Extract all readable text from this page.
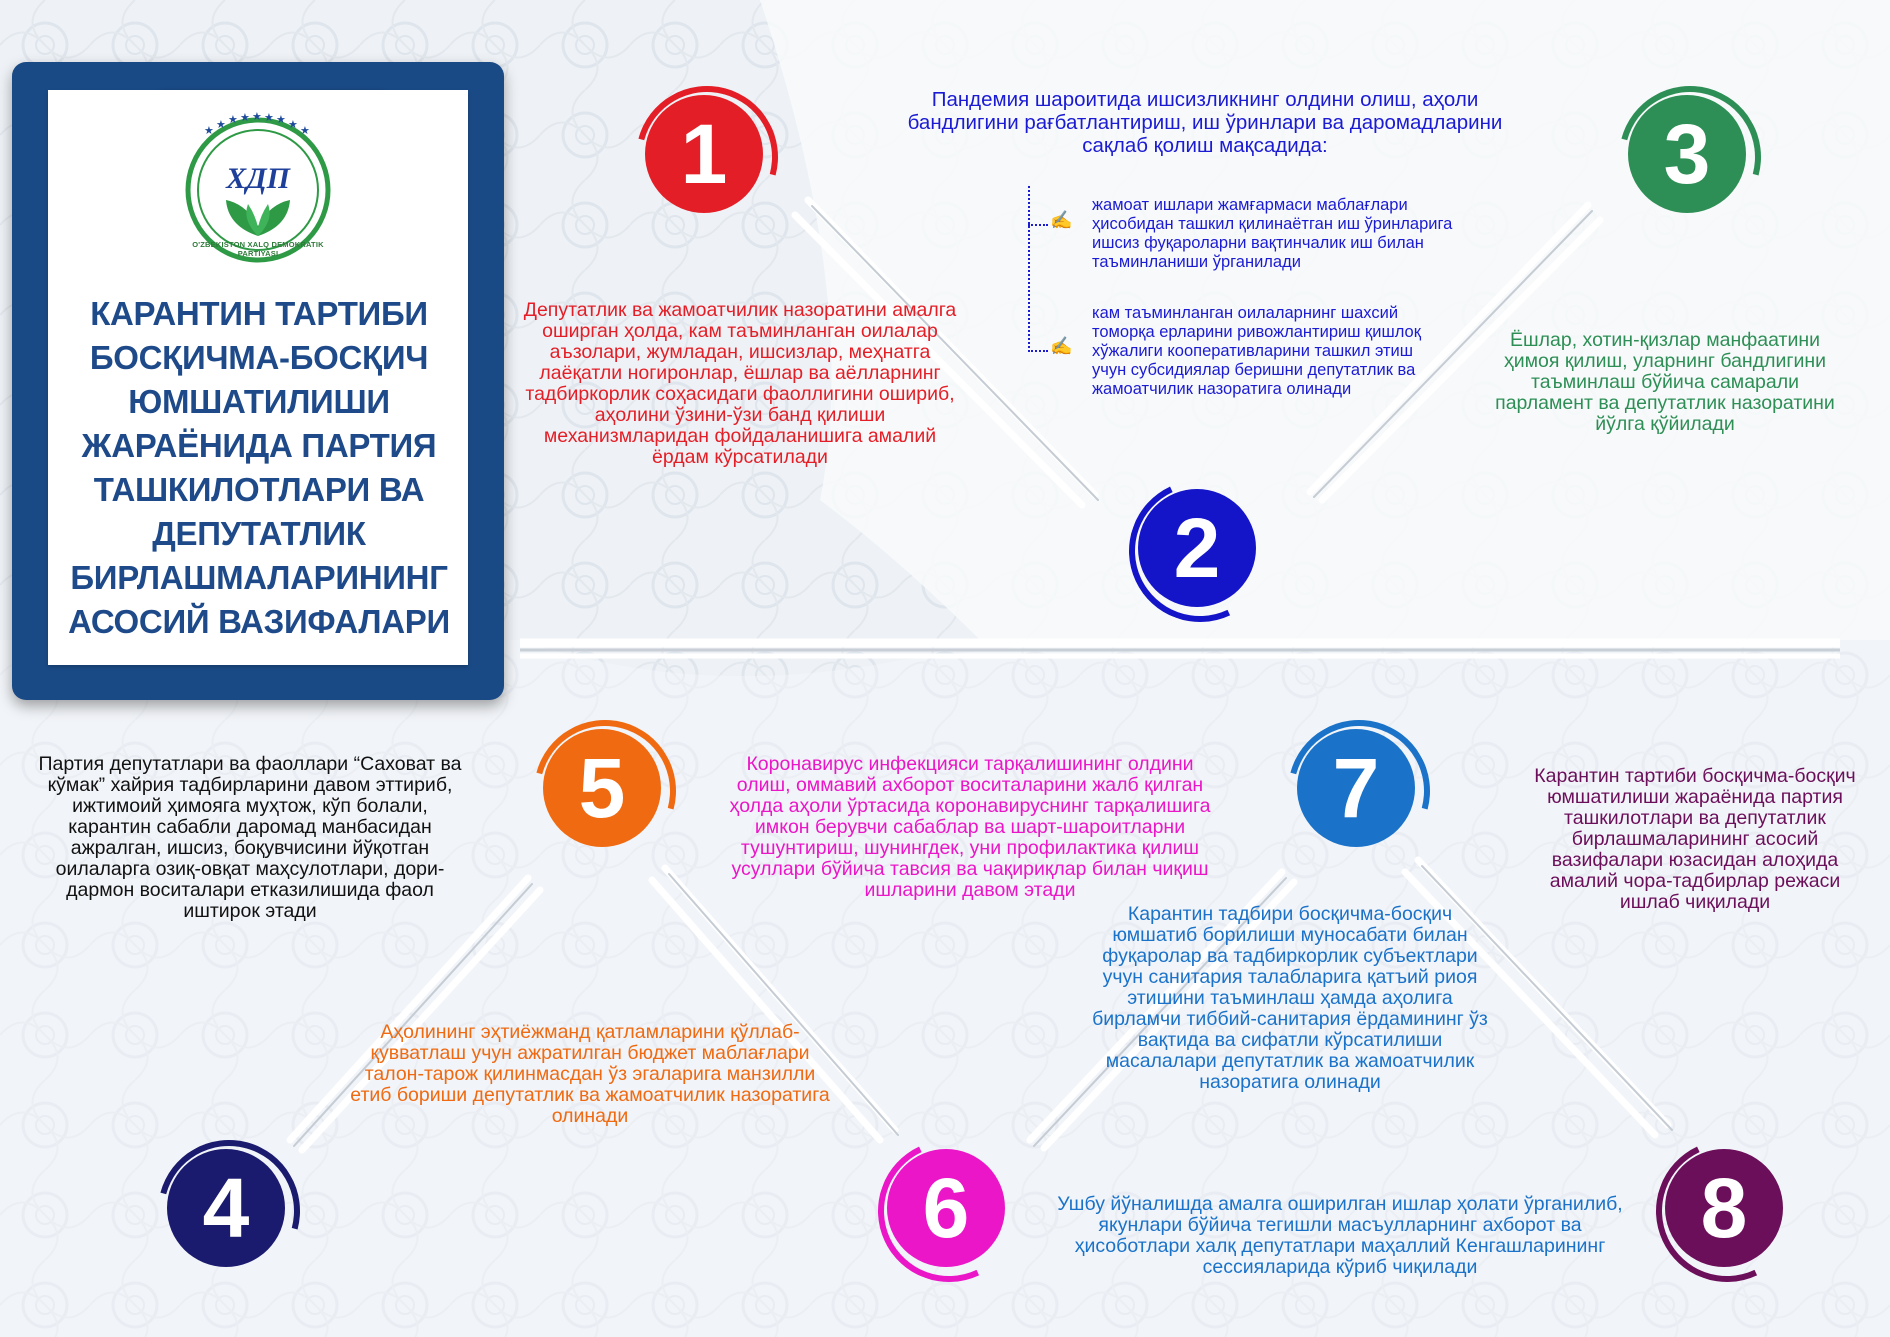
★ ★ ★ ★ ★ ★ ★ ★ ★
ХДП
O'ZBEKISTON XALQ DEMOKRATIK PARTIYASI
КАРАНТИН ТАРТИБИ БОСҚИЧМА-БОСҚИЧ ЮМШАТИЛИШИ ЖАРАЁНИДА ПАРТИЯ ТАШКИЛОТЛАРИ ВА ДЕПУТАТЛИК БИРЛАШМАЛАРИНИНГ АСОСИЙ ВАЗИФАЛАРИ
1
2
3
4
5
6
7
8

Депутатлик ва жамоатчилик назоратини амалга оширган ҳолда, кам таъминланган оилалар аъзолари, жумладан, ишсизлар, меҳнатга лаёқатли ногиронлар, ёшлар ва аёлларнинг тадбиркорлик соҳасидаги фаоллигини ошириб, аҳолини ўзини-ўзи банд қилиши механизмларидан фойдаланишига амалий ёрдам кўрсатилади

Пандемия шароитида ишсизликнинг олдини олиш, аҳоли бандлигини рағбатлантириш, иш ўринлари ва даромадларини сақлаб қолиш мақсадида:

✍
✍

жамоат ишлари жамғармаси маблағлари ҳисобидан ташкил қилинаётган иш ўринларига ишсиз фуқароларни вақтинчалик иш билан таъминланиши ўрганилади

кам таъминланган оилаларнинг шахсий томорқа ерларини ривожлантириш қишлоқ хўжалиги кооперативларини ташкил этиш учун субсидиялар беришни депутатлик ва жамоатчилик назоратига олинади

Ёшлар, хотин-қизлар манфаатини ҳимоя қилиш, уларнинг бандлигини таъминлаш бўйича самарали парламент ва депутатлик назоратини йўлга қўйилади

Партия депутатлари ва фаоллари “Саховат ва кўмак” хайрия тадбирларини давом эттириб, ижтимоий ҳимояга муҳтож, кўп болали, карантин сабабли даромад манбасидан ажралган, ишсиз, боқувчисини йўқотган оилаларга озиқ-овқат маҳсулотлари, дори-дармон воситалари етказилишида фаол иштирок этади

Коронавирус инфекцияси тарқалишининг олдини олиш, оммавий ахборот воситаларини жалб қилган ҳолда аҳоли ўртасида коронавируснинг тарқалишига имкон берувчи сабаблар ва шарт-шароитларни тушунтириш, шунингдек, уни профилактика қилиш усуллари бўйича тавсия ва чақириқлар билан чиқиш ишларини давом этади

Карантин тартиби босқичма-босқич юмшатилиши жараёнида партия ташкилотлари ва депутатлик бирлашмаларининг асосий вазифалари юзасидан алоҳида амалий чора-тадбирлар режаси ишлаб чиқилади

Аҳолининг эҳтиёжманд қатламларини қўллаб-қувватлаш учун ажратилган бюджет маблағлари талон-тарож қилинмасдан ўз эгаларига манзилли етиб бориши депутатлик ва жамоатчилик назоратига олинади

Карантин тадбири босқичма-босқич юмшатиб борилиши муносабати билан фуқаролар ва тадбиркорлик субъектлари учун санитария талабларига қатъий риоя этишини таъминлаш ҳамда аҳолига бирламчи тиббий-санитария ёрдамининг ўз вақтида ва сифатли кўрсатилиши масалалари депутатлик ва жамоатчилик назоратига олинади

Ушбу йўналишда амалга оширилган ишлар ҳолати ўрганилиб, якунлари бўйича тегишли масъулларнинг ахборот ва ҳисоботлари халқ депутатлари маҳаллий Кенгашларининг сессияларида кўриб чиқилади
